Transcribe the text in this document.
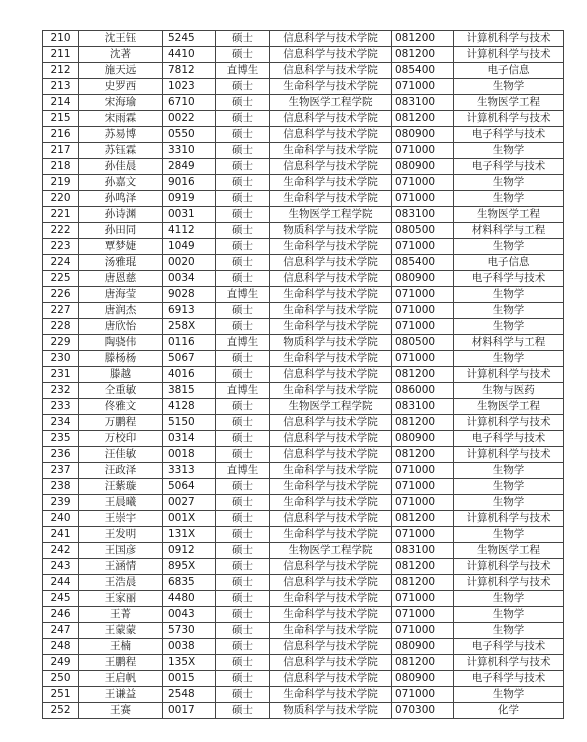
210	沈王钰	5245	硕士	信息科学与技术学院	081200	计算机科学与技术
211	沈著	4410	硕士	信息科学与技术学院	081200	计算机科学与技术
212	施天远	7812	直博生	信息科学与技术学院	085400	电子信息
213	史罗西	1023	硕士	生命科学与技术学院	071000	生物学
214	宋海瑜	6710	硕士	生物医学工程学院	083100	生物医学工程
215	宋雨霖	0022	硕士	信息科学与技术学院	081200	计算机科学与技术
216	苏易博	0550	硕士	信息科学与技术学院	080900	电子科学与技术
217	苏钰霖	3310	硕士	生命科学与技术学院	071000	生物学
218	孙佳晨	2849	硕士	信息科学与技术学院	080900	电子科学与技术
219	孙嘉文	9016	硕士	生命科学与技术学院	071000	生物学
220	孙鸣泽	0919	硕士	生命科学与技术学院	071000	生物学
221	孙诗渊	0031	硕士	生物医学工程学院	083100	生物医学工程
222	孙田同	4112	硕士	物质科学与技术学院	080500	材料科学与工程
223	覃梦婕	1049	硕士	生命科学与技术学院	071000	生物学
224	汤雅琨	0020	硕士	信息科学与技术学院	085400	电子信息
225	唐恩慈	0034	硕士	信息科学与技术学院	080900	电子科学与技术
226	唐海莹	9028	直博生	生命科学与技术学院	071000	生物学
227	唐润杰	6913	硕士	生命科学与技术学院	071000	生物学
228	唐欣怡	258X	硕士	生命科学与技术学院	071000	生物学
229	陶骁伟	0116	直博生	物质科学与技术学院	080500	材料科学与工程
230	滕杨杨	5067	硕士	生命科学与技术学院	071000	生物学
231	滕越	4016	硕士	信息科学与技术学院	081200	计算机科学与技术
232	仝重敏	3815	直博生	生命科学与技术学院	086000	生物与医药
233	佟雅文	4128	硕士	生物医学工程学院	083100	生物医学工程
234	万鹏程	5150	硕士	信息科学与技术学院	081200	计算机科学与技术
235	万校印	0314	硕士	信息科学与技术学院	080900	电子科学与技术
236	汪佳敏	0018	硕士	信息科学与技术学院	081200	计算机科学与技术
237	汪政泽	3313	直博生	生命科学与技术学院	071000	生物学
238	汪紫璇	5064	硕士	生命科学与技术学院	071000	生物学
239	王晨曦	0027	硕士	生命科学与技术学院	071000	生物学
240	王崇宇	001X	硕士	信息科学与技术学院	081200	计算机科学与技术
241	王发明	131X	硕士	生命科学与技术学院	071000	生物学
242	王国彦	0912	硕士	生物医学工程学院	083100	生物医学工程
243	王涵情	895X	硕士	信息科学与技术学院	081200	计算机科学与技术
244	王浩晨	6835	硕士	信息科学与技术学院	081200	计算机科学与技术
245	王家丽	4480	硕士	生命科学与技术学院	071000	生物学
246	王菁	0043	硕士	生命科学与技术学院	071000	生物学
247	王蒙蒙	5730	硕士	生命科学与技术学院	071000	生物学
248	王楠	0038	硕士	信息科学与技术学院	080900	电子科学与技术
249	王鹏程	135X	硕士	信息科学与技术学院	081200	计算机科学与技术
250	王启帆	0015	硕士	信息科学与技术学院	080900	电子科学与技术
251	王谦益	2548	硕士	生命科学与技术学院	071000	生物学
252	王赛	0017	硕士	物质科学与技术学院	070300	化学
